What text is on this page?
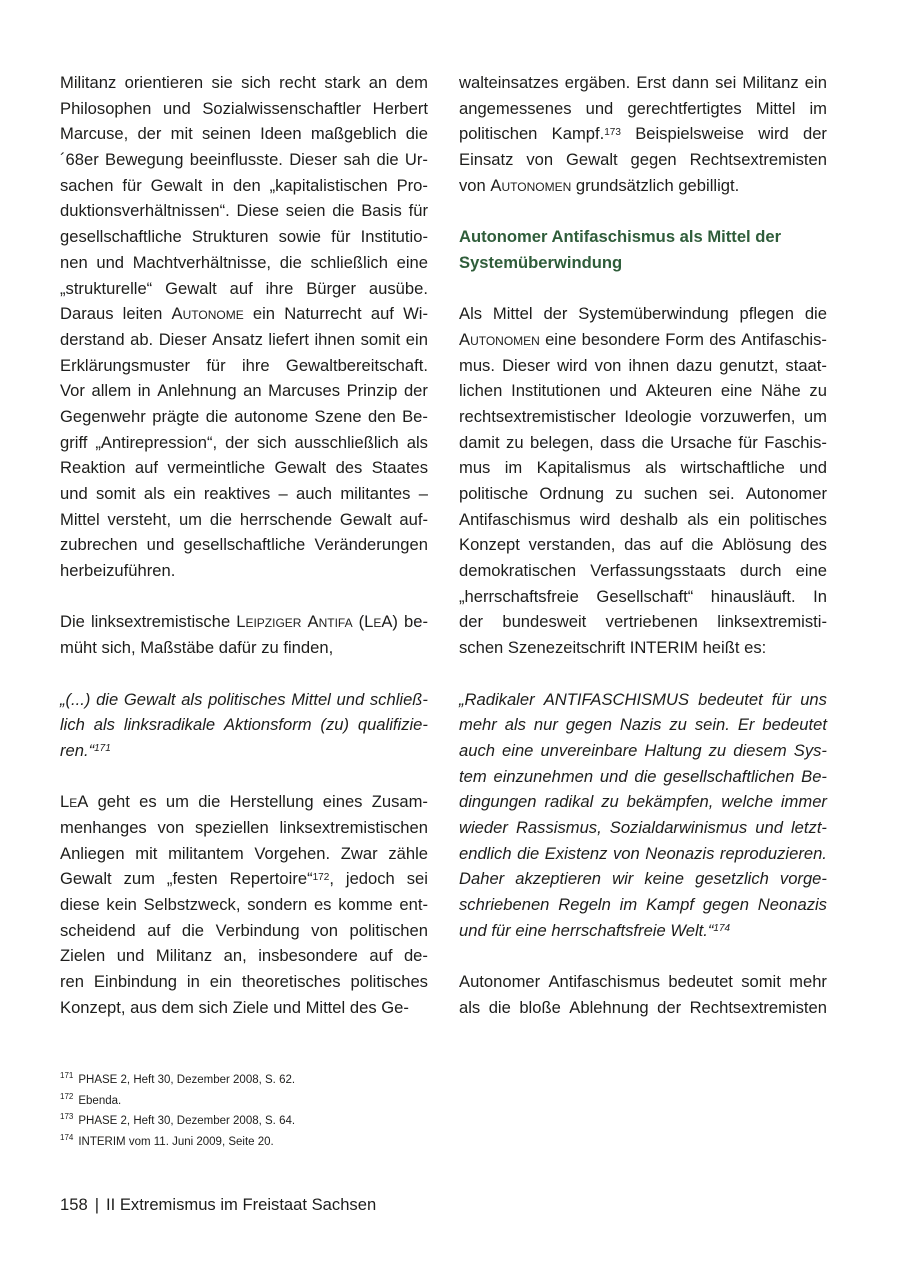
Militanz orientieren sie sich recht stark an dem
Philosophen und Sozialwissenschaftler Herbert
Marcuse, der mit seinen Ideen maßgeblich die
´68er Bewegung beeinflusste. Dieser sah die Ur-
sachen für Gewalt in den „kapitalistischen Pro-
duktionsverhältnissen“. Diese seien die Basis für
gesellschaftliche Strukturen sowie für Institutio-
nen und Machtverhältnisse, die schließlich eine
„strukturelle“ Gewalt auf ihre Bürger ausübe.
Daraus leiten Autonome ein Naturrecht auf Wi-
derstand ab. Dieser Ansatz liefert ihnen somit ein
Erklärungsmuster für ihre Gewaltbereitschaft.
Vor allem in Anlehnung an Marcuses Prinzip der
Gegenwehr prägte die autonome Szene den Be-
griff „Antirepression“, der sich ausschließlich als
Reaktion auf vermeintliche Gewalt des Staates
und somit als ein reaktives – auch militantes –
Mittel versteht, um die herrschende Gewalt auf-
zubrechen und gesellschaftliche Veränderungen
herbeizuführen.
Die linksextremistische Leipziger Antifa (LeA) be-
müht sich, Maßstäbe dafür zu finden,
„(...) die Gewalt als politisches Mittel und schließ-
lich als linksradikale Aktionsform (zu) qualifizie-
ren.“$^{171}$
LeA geht es um die Herstellung eines Zusam-
menhanges von speziellen linksextremistischen
Anliegen mit militantem Vorgehen. Zwar zähle
Gewalt zum „festen Repertoire“$^{172}$, jedoch sei
diese kein Selbstzweck, sondern es komme ent-
scheidend auf die Verbindung von politischen
Zielen und Militanz an, insbesondere auf de-
ren Einbindung in ein theoretisches politisches
Konzept, aus dem sich Ziele und Mittel des Ge-
walteinsatzes ergäben. Erst dann sei Militanz ein
angemessenes und gerechtfertigtes Mittel im
politischen Kampf.$^{173}$ Beispielsweise wird der
Einsatz von Gewalt gegen Rechtsextremisten
von Autonomen grundsätzlich gebilligt.
Autonomer Antifaschismus als Mittel der
Systemüberwindung
Als Mittel der Systemüberwindung pflegen die
Autonomen eine besondere Form des Antifaschis-
mus. Dieser wird von ihnen dazu genutzt, staat-
lichen Institutionen und Akteuren eine Nähe zu
rechtsextremistischer Ideologie vorzuwerfen, um
damit zu belegen, dass die Ursache für Faschis-
mus im Kapitalismus als wirtschaftliche und
politische Ordnung zu suchen sei. Autonomer
Antifaschismus wird deshalb als ein politisches
Konzept verstanden, das auf die Ablösung des
demokratischen Verfassungsstaats durch eine
„herrschaftsfreie Gesellschaft“ hinausläuft. In
der bundesweit vertriebenen linksextremisti-
schen Szenezeitschrift INTERIM heißt es:
„Radikaler ANTIFASCHISMUS bedeutet für uns
mehr als nur gegen Nazis zu sein. Er bedeutet
auch eine unvereinbare Haltung zu diesem Sys-
tem einzunehmen und die gesellschaftlichen Be-
dingungen radikal zu bekämpfen, welche immer
wieder Rassismus, Sozialdarwinismus und letzt-
endlich die Existenz von Neonazis reproduzieren.
Daher akzeptieren wir keine gesetzlich vorge-
schriebenen Regeln im Kampf gegen Neonazis
und für eine herrschaftsfreie Welt.“$^{174}$
Autonomer Antifaschismus bedeutet somit mehr
als die bloße Ablehnung der Rechtsextremisten
$^{171}$ PHASE 2, Heft 30, Dezember 2008, S. 62.
$^{172}$ Ebenda.
$^{173}$ PHASE 2, Heft 30, Dezember 2008, S. 64.
$^{174}$ INTERIM vom 11. Juni 2009, Seite 20.
158 | II Extremismus im Freistaat Sachsen
